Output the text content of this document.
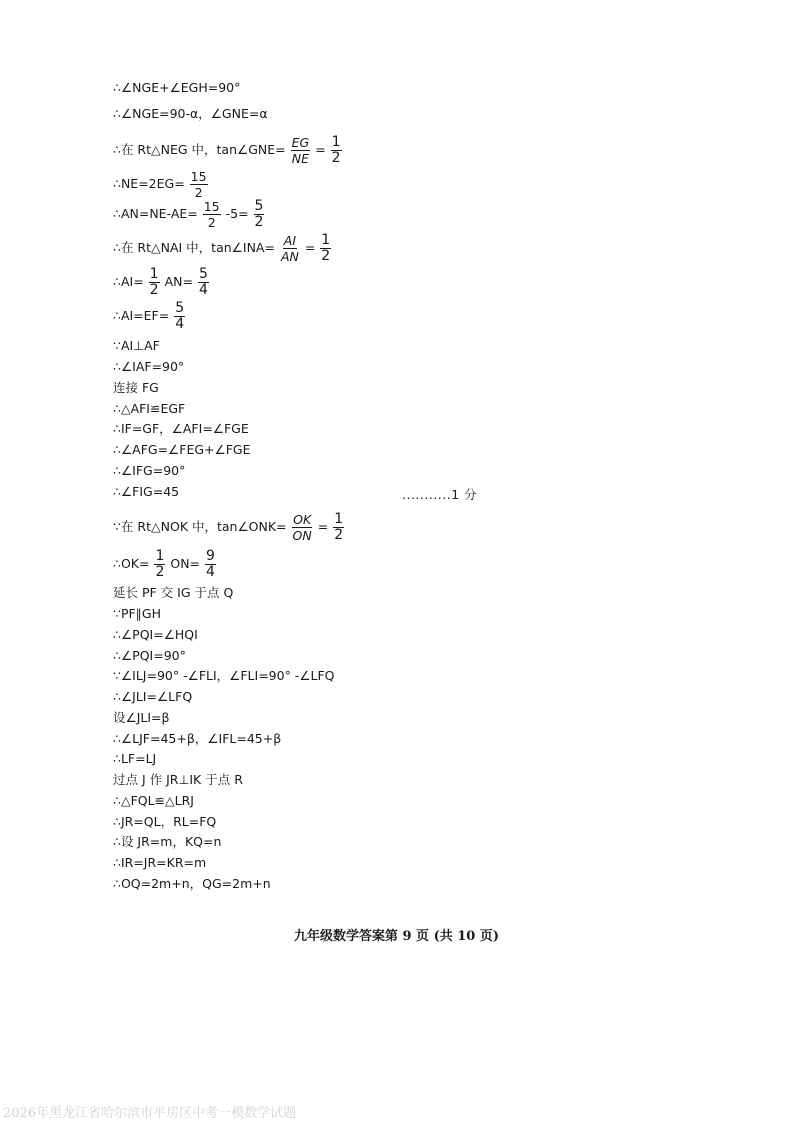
∴∠NGE+∠EGH=90°
∴∠NGE=90-α，∠GNE=α
∴在 Rt△NEG 中，tan∠GNE= $\frac{EG}{NE} = \frac{1}{2}$
∴NE=2EG= $\frac{15}{2}$
∴AN=NE-AE= $\frac{15}{2} -5= \frac{5}{2}$
∴在 Rt△NAI 中，tan∠INA= $\frac{AI}{AN} = \frac{1}{2}$
∴AI= $\frac{1}{2} AN= \frac{5}{4}$
∴AI=EF= $\frac{5}{4}$
∵AI⊥AF
∴∠IAF=90°
连接 FG
∴△AFI≌EGF
∴IF=GF，∠AFI=∠FGE
∴∠AFG=∠FEG+∠FGE
∴∠IFG=90°
∴∠FIG=45	...........1 分
∵在 Rt△NOK 中，tan∠ONK= $\frac{OK}{ON} = \frac{1}{2}$
∴OK= $\frac{1}{2} ON= \frac{9}{4}$
延长 PF 交 IG 于点 Q
∵PF∥GH
∴∠PQI=∠HQI
∴∠PQI=90°
∵∠ILJ=90° -∠FLI，∠FLI=90° -∠LFQ
∴∠JLI=∠LFQ
设∠JLI=β
∴∠LJF=45+β，∠IFL=45+β
∴LF=LJ
过点 J 作 JR⊥IK 于点 R
∴△FQL≌△LRJ
∴JR=QL，RL=FQ
∴设 JR=m，KQ=n
∴IR=JR=KR=m
∴OQ=2m+n，QG=2m+n
九年级数学答案第 9 页 (共 10 页)
2026年黑龙江省哈尔滨市平房区中考一模数学试题
